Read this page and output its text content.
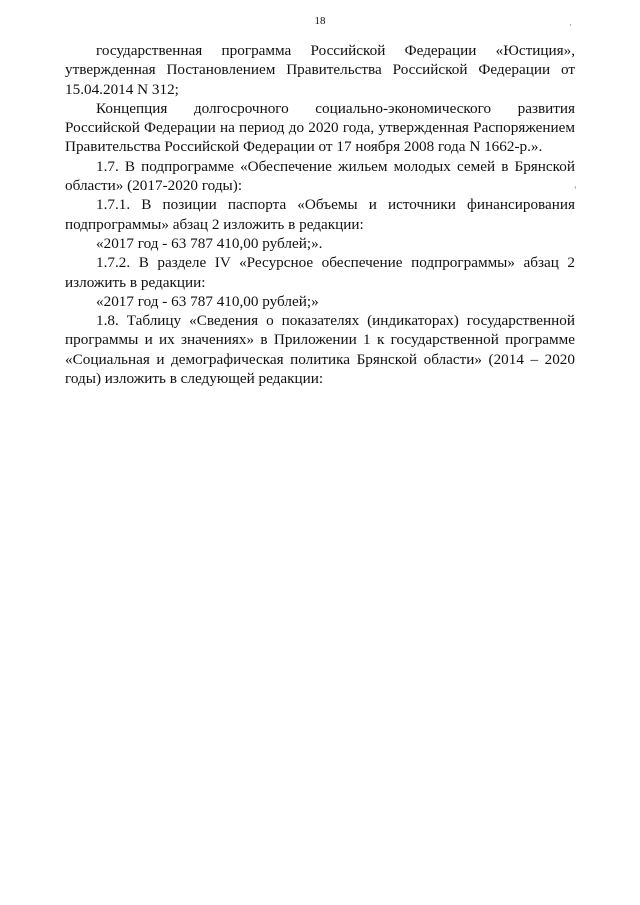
18	·
'

государственная программа Российской Федерации «Юстиция», утвержденная Постановлением Правительства Российской Федерации от 15.04.2014 N 312;

Концепция долгосрочного социально-экономического развития Российской Федерации на период до 2020 года, утвержденная Распоряжением Правительства Российской Федерации от 17 ноября 2008 года N 1662-р.».

1.7. В подпрограмме «Обеспечение жильем молодых семей в Брянской области» (2017-2020 годы):

1.7.1. В позиции паспорта «Объемы и источники финансирования подпрограммы» абзац 2 изложить в редакции:

«2017 год - 63 787 410,00 рублей;».

1.7.2. В разделе IV «Ресурсное обеспечение подпрограммы» абзац 2 изложить в редакции:

«2017 год - 63 787 410,00 рублей;»

1.8. Таблицу «Сведения о показателях (индикаторах) государственной программы и их значениях» в Приложении 1 к государственной программе «Социальная и демографическая политика Брянской области» (2014 – 2020 годы) изложить в следующей редакции:
